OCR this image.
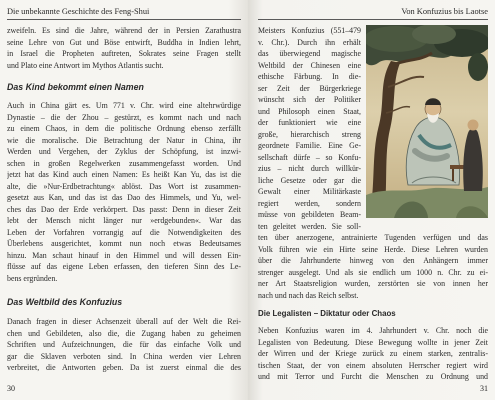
Die unbekannte Geschichte des Feng-Shui
zweifeln. Es sind die Jahre, während der in Persien Zarathustra
seine Lehre von Gut und Böse entwirft, Buddha in Indien lehrt,
in Israel die Propheten auftreten, Sokrates seine Fragen stellt
und Plato eine Antwort im Mythos Atlantis sucht.
Das Kind bekommt einen Namen
Auch in China gärt es. Um 771 v. Chr. wird eine altehrwürdige
Dynastie – die der Zhou – gestürzt, es kommt nach und nach
zu einem Chaos, in dem die politische Ordnung ebenso zerfällt
wie die moralische. Die Betrachtung der Natur in China, ihr
Werden und Vergehen, der Zyklus der Schöpfung, ist inzwi-
schen in großen Regelwerken zusammengefasst worden. Und
jetzt hat das Kind auch einen Namen: Es heißt Kan Yu, das ist die
alte, die »Nur-Erdbetrachtung« ablöst. Das Wort ist zusammen-
gesetzt aus Kan, und das ist das Dao des Himmels, und Yu, wel-
ches das Dao der Erde verkörpert. Das passt: Denn in dieser Zeit
lebt der Mensch nicht länger nur »erdgebunden«. War das
Leben der Vorfahren vorrangig auf die Notwendigkeiten des
Überlebens ausgerichtet, kommt nun noch etwas Bedeutsames
hinzu. Man schaut hinauf in den Himmel und will dessen Ein-
flüsse auf das eigene Leben erfassen, den tieferen Sinn des Le-
bens ergründen.
Das Weltbild des Konfuzius
Danach fragen in dieser Achsenzeit überall auf der Welt die Rei-
chen und Gebildeten, also die, die Zugang haben zu geheimen
Schriften und Aufzeichnungen, die für das einfache Volk und
gar die Sklaven verboten sind. In China werden vier Lehren
verbreitet, die Antworten geben. Da ist zuerst einmal die des
30
Von Konfuzius bis Laotse
Meisters Konfuzius (551–479
v. Chr.). Durch ihn erhält
das überwiegend magische
Weltbild der Chinesen eine
ethische Färbung. In die-
ser Zeit der Bürgerkriege
wünscht sich der Politiker
und Philosoph einen Staat,
der funktioniert wie eine
große, hierarchisch streng
geordnete Familie. Eine Ge-
sellschaft dürfe – so Konfu-
zius – nicht durch willkür-
liche Gesetze oder gar die
Gewalt einer Militärkaste
regiert werden, sondern
müsse von gebildeten Beam-
ten geleitet werden. Sie soll-
ten über anerzogene, antrainierte Tugenden verfügen und das
Volk führen wie ein Hirte seine Herde. Diese Lehren wurden
über die Jahrhunderte hinweg von den Anhängern immer
strenger ausgelegt. Und als sie endlich um 1000 n. Chr. zu ei-
ner Art Staatsreligion wurden, zerstörten sie von innen her
nach und nach das Reich selbst.
Die Legalisten – Diktatur oder Chaos
Neben Konfuzius waren im 4. Jahrhundert v. Chr. noch die
Legalisten von Bedeutung. Diese Bewegung wollte in jener Zeit
der Wirren und der Kriege zurück zu einem starken, zentralis-
tischen Staat, der von einem absoluten Herrscher regiert wird
und mit Terror und Furcht die Menschen zu Ordnung und
31
